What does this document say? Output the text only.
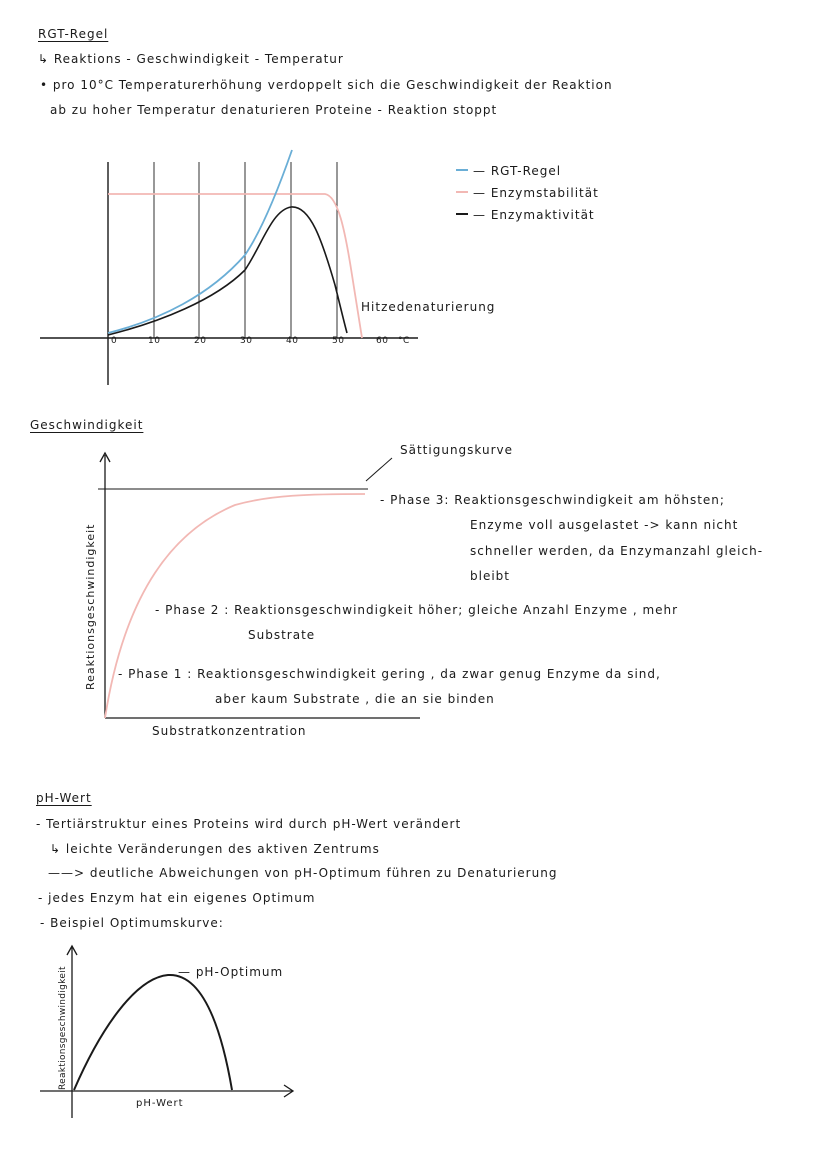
RGT-Regel
↳ Reaktions - Geschwindigkeit - Temperatur
• pro 10°C Temperaturerhöhung verdoppelt sich die Geschwindigkeit der Reaktion
ab zu hoher Temperatur denaturieren Proteine - Reaktion stoppt
— RGT-Regel
— Enzymstabilität
— Enzymaktivität
Hitzedenaturierung
0	10	20	30	40	50	60 °C
Geschwindigkeit
Sättigungskurve
Reaktionsgeschwindigkeit
Substratkonzentration
- Phase 3: Reaktionsgeschwindigkeit am höhsten;
Enzyme voll ausgelastet -> kann nicht
schneller werden, da Enzymanzahl gleich-
bleibt
- Phase 2 : Reaktionsgeschwindigkeit höher; gleiche Anzahl Enzyme , mehr
Substrate
- Phase 1 : Reaktionsgeschwindigkeit gering , da zwar genug Enzyme da sind,
aber kaum Substrate , die an sie binden
pH-Wert
- Tertiärstruktur eines Proteins wird durch pH-Wert verändert
↳ leichte Veränderungen des aktiven Zentrums
——> deutliche Abweichungen von pH-Optimum führen zu Denaturierung
- jedes Enzym hat ein eigenes Optimum
- Beispiel Optimumskurve:
— pH-Optimum
Reaktionsgeschwindigkeit
pH-Wert
